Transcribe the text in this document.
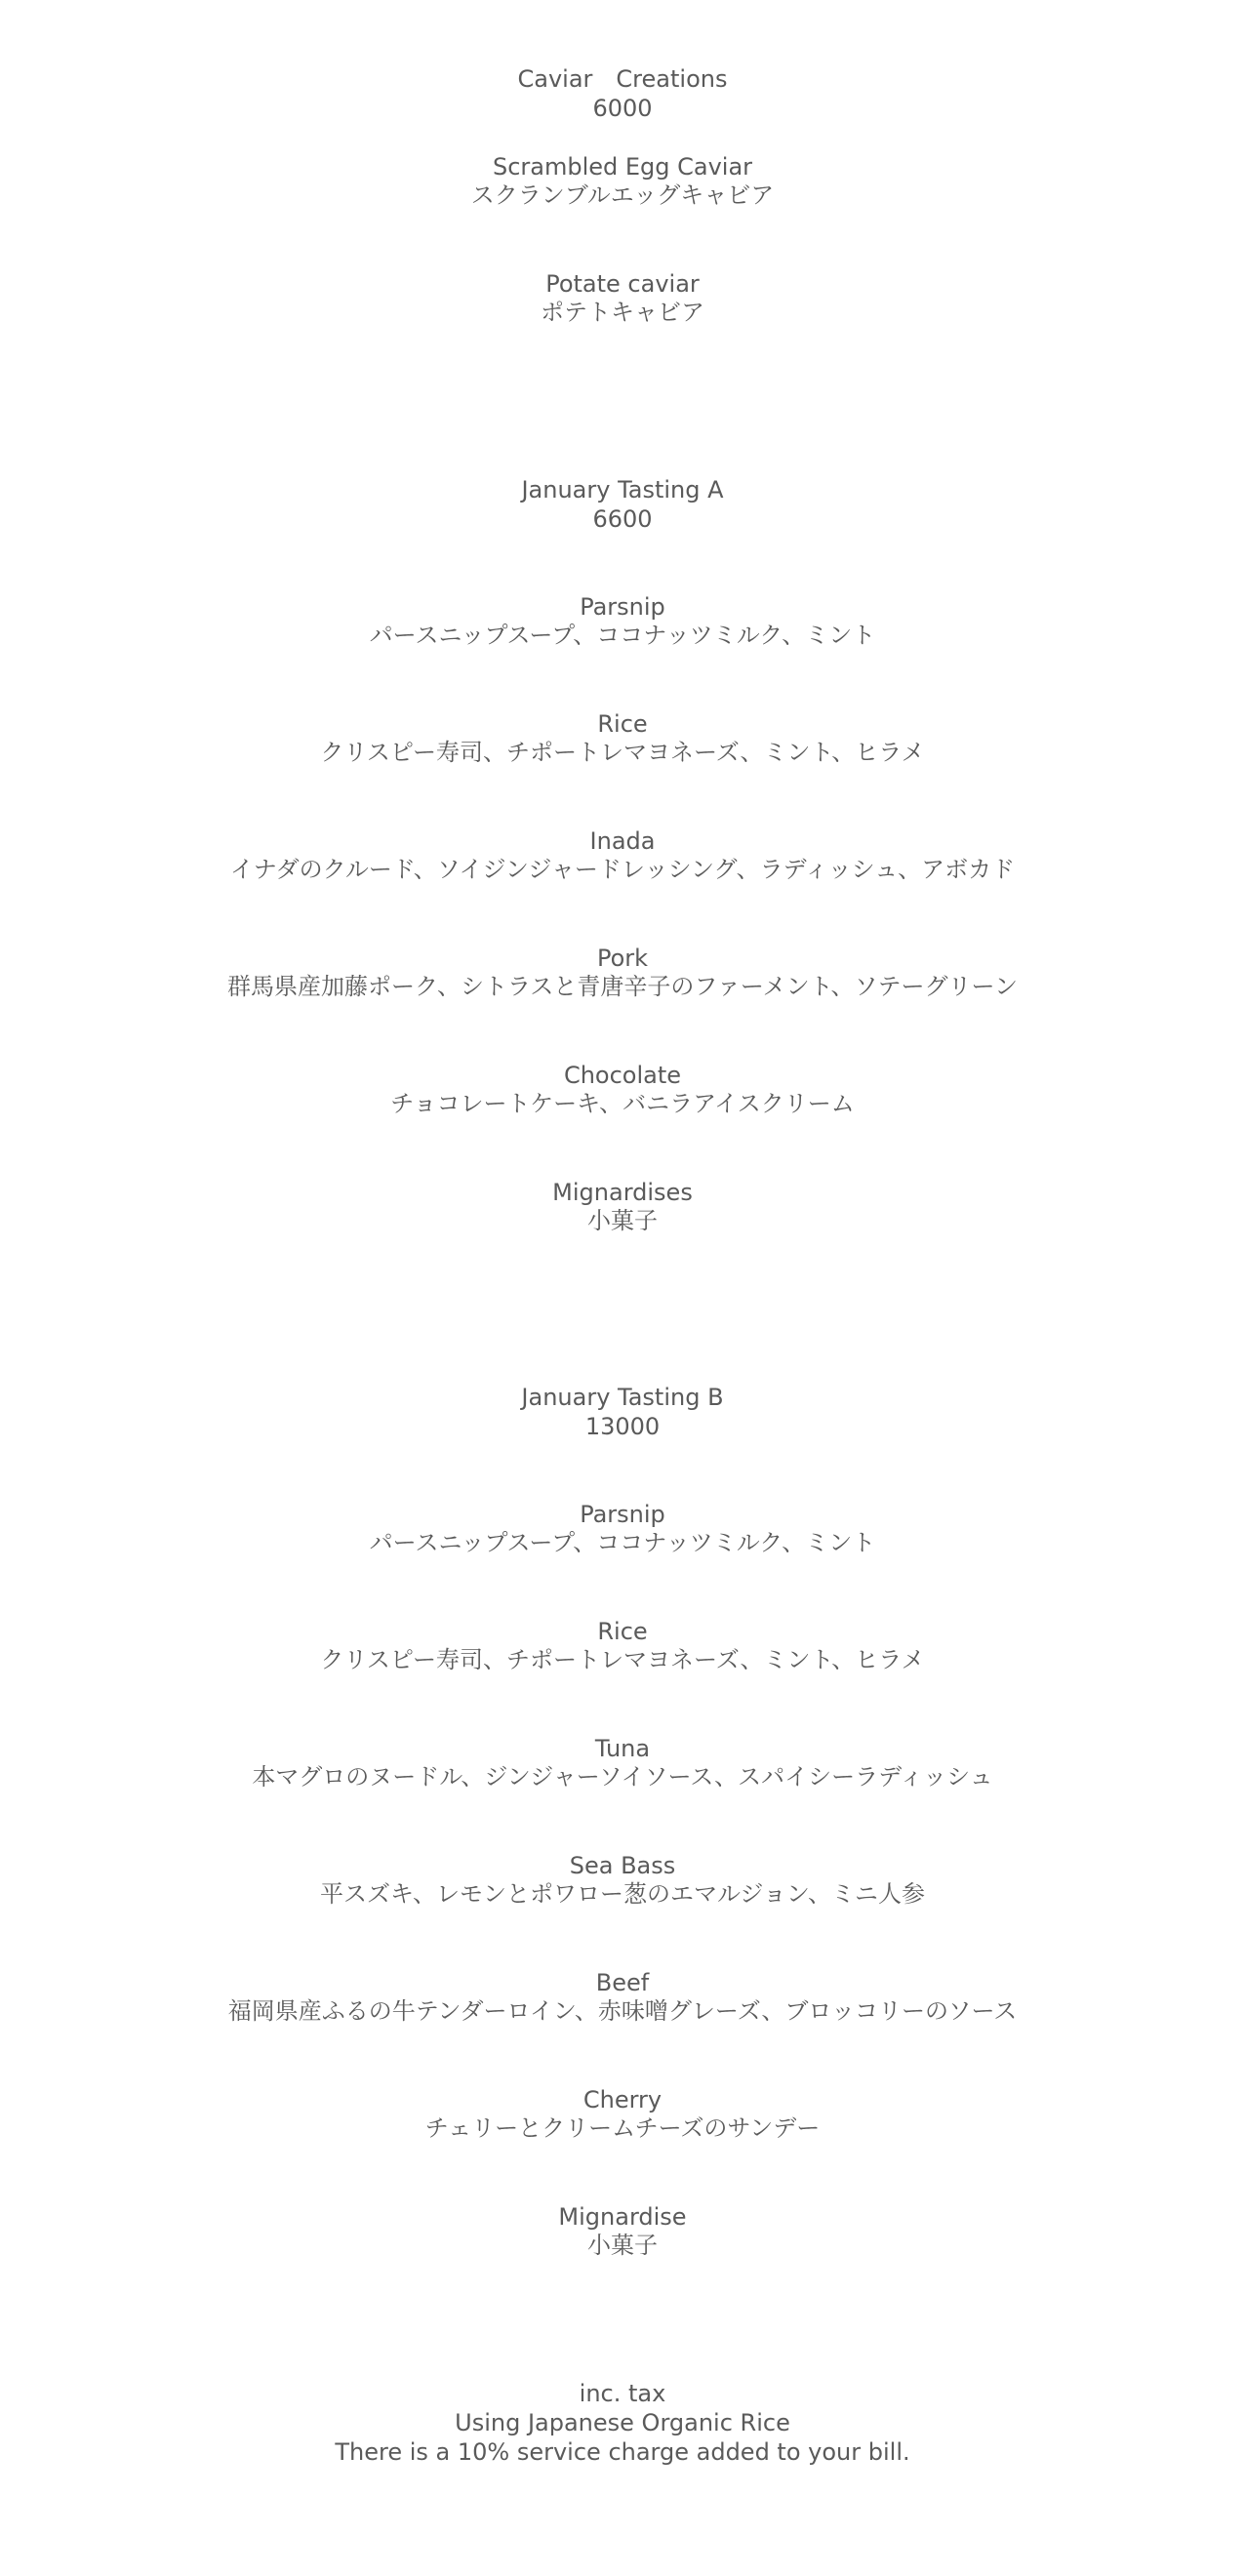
Caviar　Creations
6000
Scrambled Egg Caviar
スクランブルエッグキャビア
Potate caviar
ポテトキャビア
January Tasting A
6600
Parsnip
パースニップスープ、ココナッツミルク、ミント
Rice
クリスピー寿司、チポートレマヨネーズ、ミント、ヒラメ
Inada
イナダのクルード、ソイジンジャードレッシング、ラディッシュ、アボカド
Pork
群馬県産加藤ポーク、シトラスと青唐辛子のファーメント、ソテーグリーン
Chocolate
チョコレートケーキ、バニラアイスクリーム
Mignardises
小菓子
January Tasting B
13000
Parsnip
パースニップスープ、ココナッツミルク、ミント
Rice
クリスピー寿司、チポートレマヨネーズ、ミント、ヒラメ
Tuna
本マグロのヌードル、ジンジャーソイソース、スパイシーラディッシュ
Sea Bass
平スズキ、レモンとポワロー葱のエマルジョン、ミニ人参
Beef
福岡県産ふるの牛テンダーロイン、赤味噌グレーズ、ブロッコリーのソース
Cherry
チェリーとクリームチーズのサンデー
Mignardise
小菓子
inc. tax
Using Japanese Organic Rice
There is a 10% service charge added to your bill.
